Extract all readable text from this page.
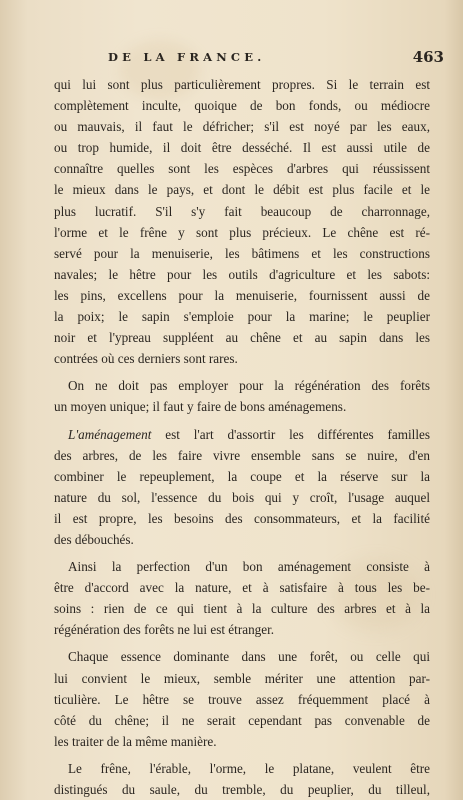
DE LA FRANCE.	463

qui lui sont plus particulièrement propres. Si le terrain est
complètement inculte, quoique de bon fonds, ou médiocre
ou mauvais, il faut le défricher; s'il est noyé par les eaux,
ou trop humide, il doit être desséché. Il est aussi utile de
connaître quelles sont les espèces d'arbres qui réussissent
le mieux dans le pays, et dont le débit est plus facile et le
plus lucratif. S'il s'y fait beaucoup de charronnage,
l'orme et le frêne y sont plus précieux. Le chêne est ré-
servé pour la menuiserie, les bâtimens et les constructions
navales; le hêtre pour les outils d'agriculture et les sabots:
les pins, excellens pour la menuiserie, fournissent aussi de
la poix; le sapin s'emploie pour la marine; le peuplier
noir et l'ypreau suppléent au chêne et au sapin dans les
contrées où ces derniers sont rares.

On ne doit pas employer pour la régénération des forêts
un moyen unique; il faut y faire de bons aménagemens.

L'aménagement est l'art d'assortir les différentes familles
des arbres, de les faire vivre ensemble sans se nuire, d'en
combiner le repeuplement, la coupe et la réserve sur la
nature du sol, l'essence du bois qui y croît, l'usage auquel
il est propre, les besoins des consommateurs, et la facilité
des débouchés.

Ainsi la perfection d'un bon aménagement consiste à
être d'accord avec la nature, et à satisfaire à tous les be-
soins : rien de ce qui tient à la culture des arbres et à la
régénération des forêts ne lui est étranger.

Chaque essence dominante dans une forêt, ou celle qui
lui convient le mieux, semble mériter une attention par-
ticulière. Le hêtre se trouve assez fréquemment placé à
côté du chêne; il ne serait cependant pas convenable de
les traiter de la même manière.

Le frêne, l'érable, l'orme, le platane, veulent être
distingués du saule, du tremble, du peuplier, du tilleul,
